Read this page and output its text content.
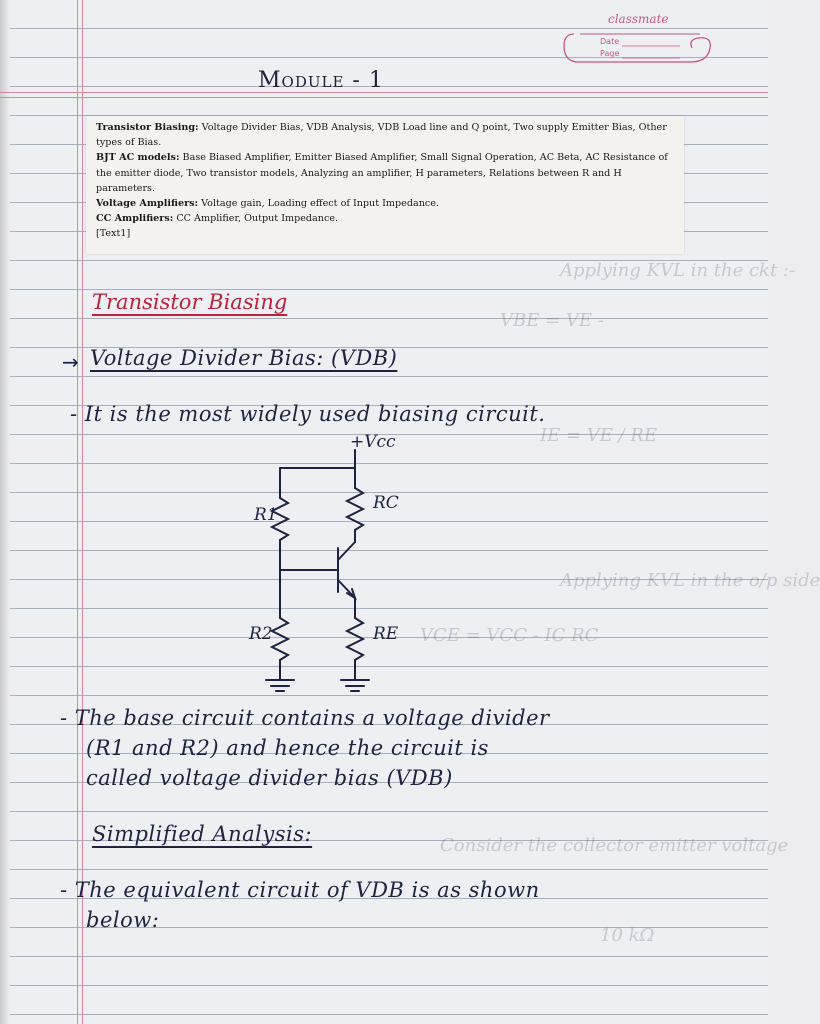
Applying KVL in the ckt :-
VBE = VE -
IE = VE / RE
Applying KVL in the o/p side
VCE = VCC - IC RC
Consider the collector emitter voltage
10 kΩ
classmate
Date
Page
Module - 1

Transistor Biasing: Voltage Divider Bias, VDB Analysis, VDB Load line and Q point, Two supply Emitter Bias, Other types of Bias.

BJT AC models: Base Biased Amplifier, Emitter Biased Amplifier, Small Signal Operation, AC Beta, AC Resistance of the emitter diode, Two transistor models, Analyzing an amplifier, H parameters, Relations between R and H parameters.

Voltage Amplifiers: Voltage gain, Loading effect of Input Impedance.

CC Amplifiers: CC Amplifier, Output Impedance.

[Text1]

Transistor Biasing
→ Voltage Divider Bias: (VDB)
- It is the most widely used biasing circuit.
+Vcc
R1
RC
R2	RE
- The base circuit contains a voltage divider
(R1 and R2) and hence the circuit is
called voltage divider bias (VDB)
Simplified Analysis:
- The equivalent circuit of VDB is as shown
below:
